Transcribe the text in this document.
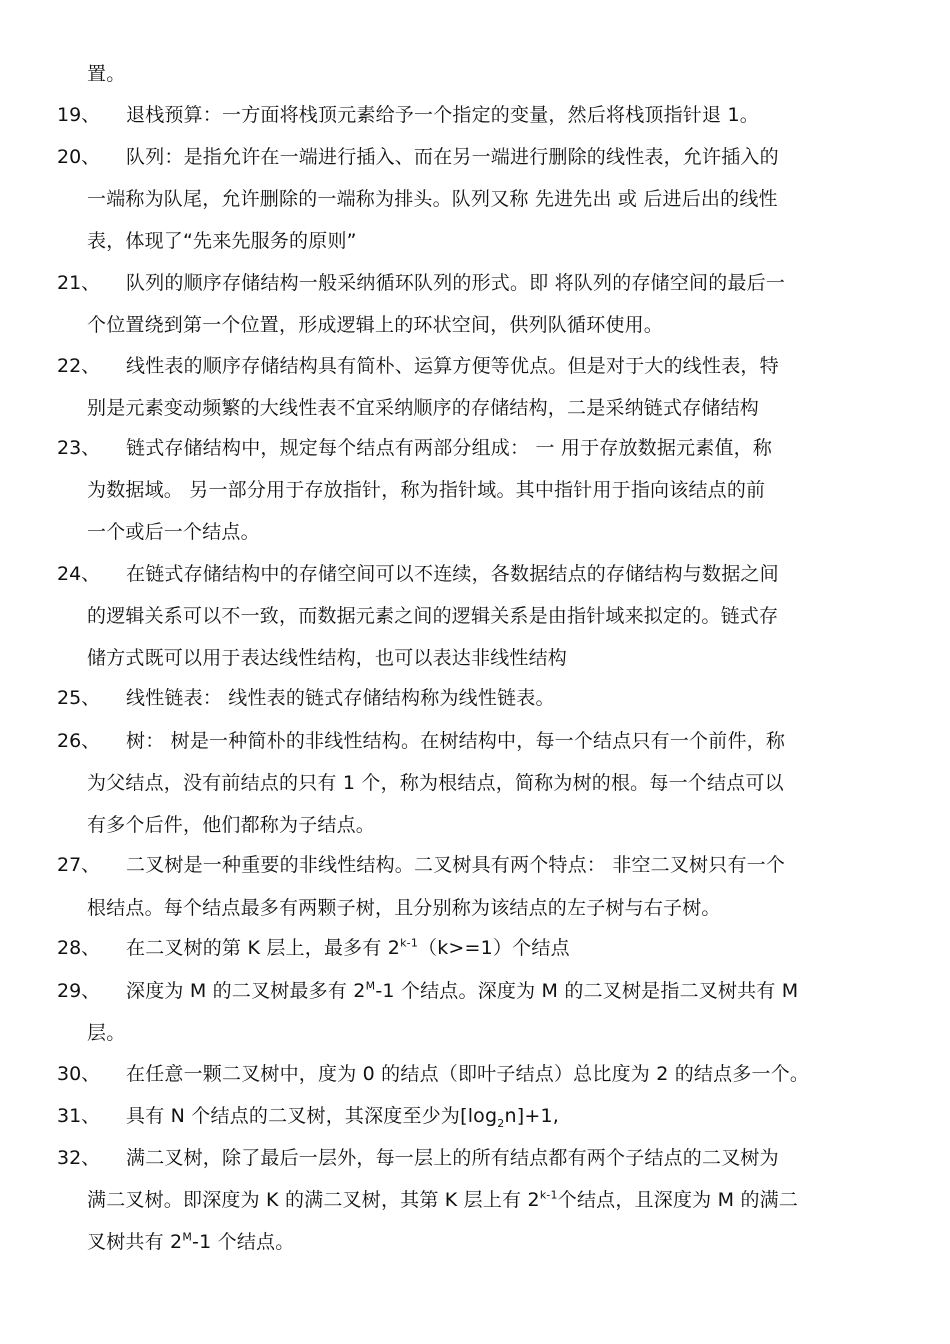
置。
19、 退栈预算：一方面将栈顶元素给予一个指定的变量，然后将栈顶指针退 1。
20、 队列：是指允许在一端进行插入、而在另一端进行删除的线性表，允许插入的
一端称为队尾，允许删除的一端称为排头。队列又称 先进先出 或 后进后出的线性
表，体现了“先来先服务的原则”
21、 队列的顺序存储结构一般采纳循环队列的形式。即 将队列的存储空间的最后一
个位置绕到第一个位置，形成逻辑上的环状空间，供列队循环使用。
22、 线性表的顺序存储结构具有简朴、运算方便等优点。但是对于大的线性表，特
别是元素变动频繁的大线性表不宜采纳顺序的存储结构，二是采纳链式存储结构
23、 链式存储结构中，规定每个结点有两部分组成： 一 用于存放数据元素值，称
为数据域。 另一部分用于存放指针，称为指针域。其中指针用于指向该结点的前
一个或后一个结点。
24、 在链式存储结构中的存储空间可以不连续，各数据结点的存储结构与数据之间
的逻辑关系可以不一致，而数据元素之间的逻辑关系是由指针域来拟定的。链式存
储方式既可以用于表达线性结构，也可以表达非线性结构
25、 线性链表： 线性表的链式存储结构称为线性链表。
26、 树： 树是一种简朴的非线性结构。在树结构中，每一个结点只有一个前件，称
为父结点，没有前结点的只有 1 个，称为根结点，简称为树的根。每一个结点可以
有多个后件，他们都称为子结点。
27、 二叉树是一种重要的非线性结构。二叉树具有两个特点： 非空二叉树只有一个
根结点。每个结点最多有两颗子树，且分别称为该结点的左子树与右子树。
28、 在二叉树的第 K 层上，最多有 $2^{k-1}(k>=1)$个结点
29、 深度为 M 的二叉树最多有 $2^M-1$ 个结点。深度为 M 的二叉树是指二叉树共有 M
层。
30、 在任意一颗二叉树中，度为 0 的结点（即叶子结点）总比度为 2 的结点多一个。
31、 具有 N 个结点的二叉树，其深度至少为$[\log_2n]+1$,
32、 满二叉树，除了最后一层外，每一层上的所有结点都有两个子结点的二叉树为
满二叉树。即深度为 K 的满二叉树，其第 K 层上有 2$^{k-1}$个结点，且深度为 M 的满二
叉树共有 $2^M-1$ 个结点。
